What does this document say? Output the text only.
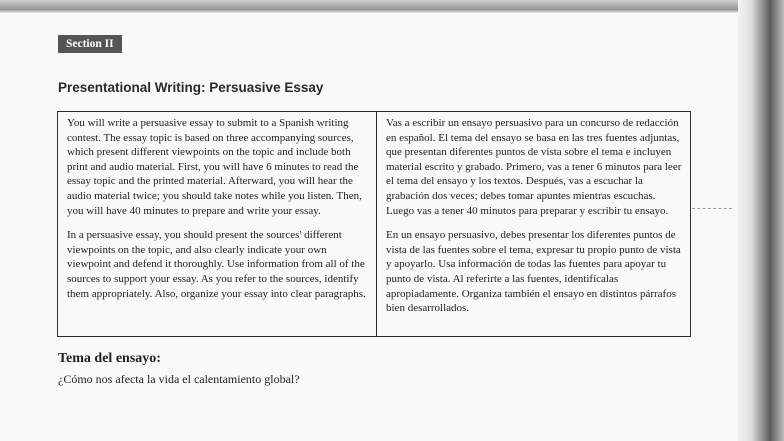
Section II
Presentational Writing: Persuasive Essay

You will write a persuasive essay to submit to a Spanish writing contest. The essay topic is based on three accompanying sources, which present different viewpoints on the topic and include both print and audio material. First, you will have 6 minutes to read the essay topic and the printed material. Afterward, you will hear the audio material twice; you should take notes while you listen. Then, you will have 40 minutes to prepare and write your essay.

In a persuasive essay, you should present the sources' different viewpoints on the topic, and also clearly indicate your own viewpoint and defend it thoroughly. Use information from all of the sources to support your essay. As you refer to the sources, identify them appropriately. Also, organize your essay into clear paragraphs.

Vas a escribir un ensayo persuasivo para un concurso de redacción en español. El tema del ensayo se basa en las tres fuentes adjuntas, que presentan diferentes puntos de vista sobre el tema e incluyen material escrito y grabado. Primero, vas a tener 6 minutos para leer el tema del ensayo y los textos. Después, vas a escuchar la grabación dos veces; debes tomar apuntes mientras escuchas. Luego vas a tener 40 minutos para preparar y escribir tu ensayo.

En un ensayo persuasivo, debes presentar los diferentes puntos de vista de las fuentes sobre el tema, expresar tu propio punto de vista y apoyarlo. Usa información de todas las fuentes para apoyar tu punto de vista. Al referirte a las fuentes, identifícalas apropiadamente. Organiza también el ensayo en distintos párrafos bien desarrollados.

Tema del ensayo:
¿Cómo nos afecta la vida el calentamiento global?
